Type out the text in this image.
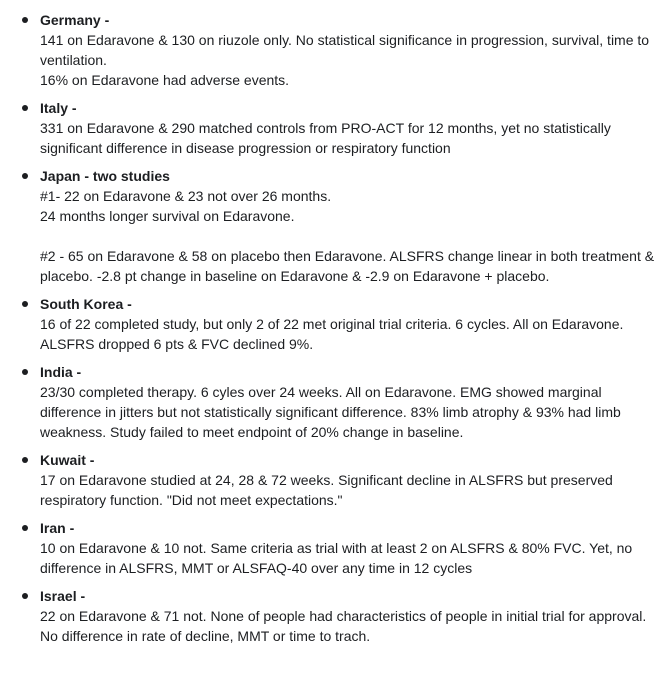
Germany -
141 on Edaravone & 130 on riuzole only. No statistical significance in progression, survival, time to ventilation.
16% on Edaravone had adverse events.
Italy -
331 on Edaravone & 290 matched controls from PRO-ACT for 12 months, yet no statistically significant difference in disease progression or respiratory function
Japan - two studies
#1- 22 on Edaravone & 23 not over 26 months.
24 months longer survival on Edaravone.
#2 - 65 on Edaravone & 58 on placebo then Edaravone. ALSFRS change linear in both treatment & placebo. -2.8 pt change in baseline on Edaravone & -2.9 on Edaravone + placebo.
South Korea -
16 of 22 completed study, but only 2 of 22 met original trial criteria. 6 cycles. All on Edaravone. ALSFRS dropped 6 pts & FVC declined 9%.
India -
23/30 completed therapy. 6 cyles over 24 weeks. All on Edaravone. EMG showed marginal difference in jitters but not statistically significant difference. 83% limb atrophy & 93% had limb weakness. Study failed to meet endpoint of 20% change in baseline.
Kuwait -
17 on Edaravone studied at 24, 28 & 72 weeks. Significant decline in ALSFRS but preserved respiratory function. "Did not meet expectations."
Iran -
10 on Edaravone & 10 not. Same criteria as trial with at least 2 on ALSFRS & 80% FVC. Yet, no difference in ALSFRS, MMT or ALSFAQ-40 over any time in 12 cycles
Israel -
22 on Edaravone & 71 not. None of people had characteristics of people in initial trial for approval. No difference in rate of decline, MMT or time to trach.
